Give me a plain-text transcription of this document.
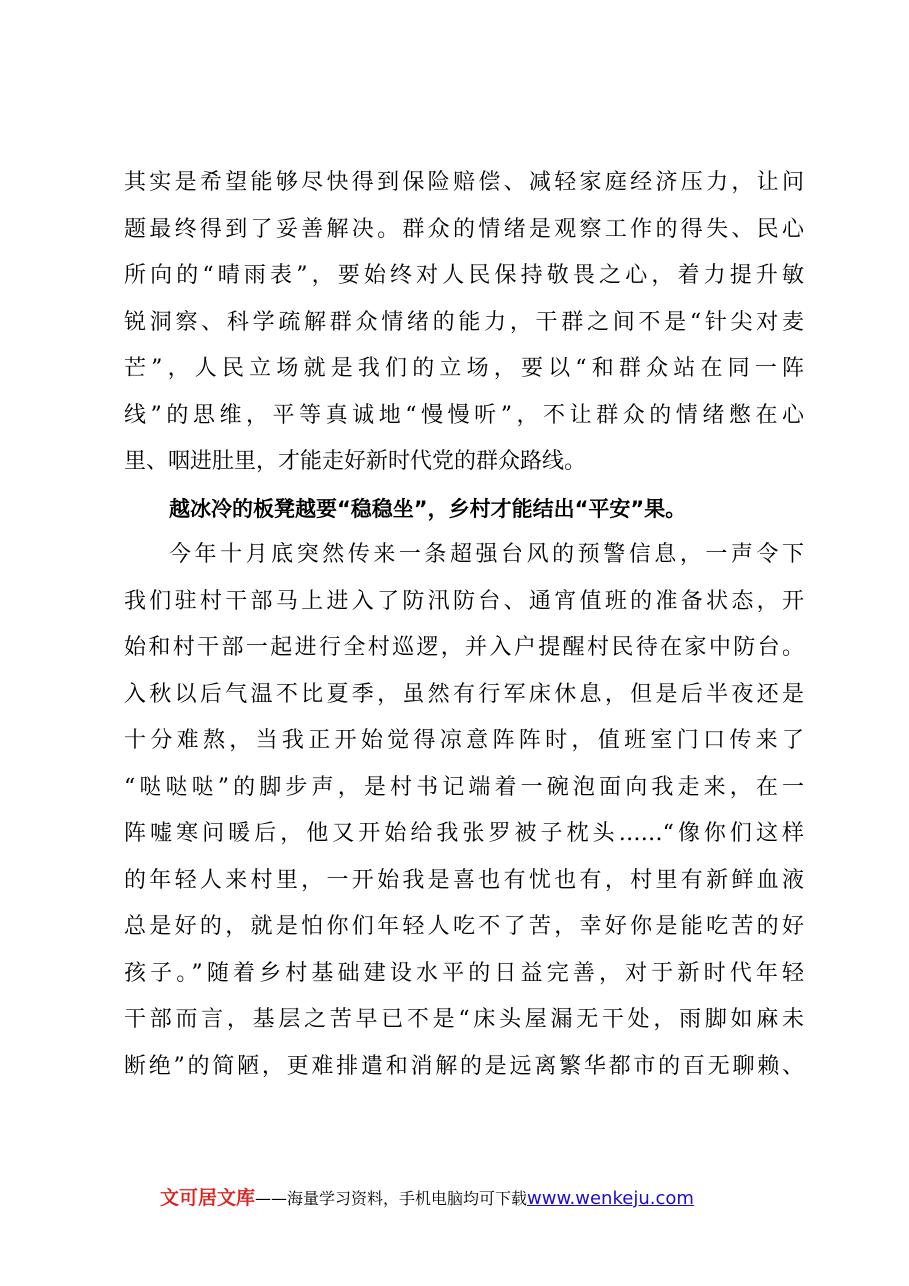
其实是希望能够尽快得到保险赔偿、减轻家庭经济压力，让问
题最终得到了妥善解决。群众的情绪是观察工作的得失、民心
所向的“晴雨表”，要始终对人民保持敬畏之心，着力提升敏
锐洞察、科学疏解群众情绪的能力，干群之间不是“针尖对麦
芒”，人民立场就是我们的立场，要以“和群众站在同一阵
线”的思维，平等真诚地“慢慢听”，不让群众的情绪憋在心
里、咽进肚里，才能走好新时代党的群众路线。
越冰冷的板凳越要“稳稳坐”，乡村才能结出“平安”果。
今年十月底突然传来一条超强台风的预警信息，一声令下
我们驻村干部马上进入了防汛防台、通宵值班的准备状态，开
始和村干部一起进行全村巡逻，并入户提醒村民待在家中防台。
入秋以后气温不比夏季，虽然有行军床休息，但是后半夜还是
十分难熬，当我正开始觉得凉意阵阵时，值班室门口传来了
“哒哒哒”的脚步声，是村书记端着一碗泡面向我走来，在一
阵嘘寒问暖后，他又开始给我张罗被子枕头……“像你们这样
的年轻人来村里，一开始我是喜也有忧也有，村里有新鲜血液
总是好的，就是怕你们年轻人吃不了苦，幸好你是能吃苦的好
孩子。”随着乡村基础建设水平的日益完善，对于新时代年轻
干部而言，基层之苦早已不是“床头屋漏无干处，雨脚如麻未
断绝”的简陋，更难排遣和消解的是远离繁华都市的百无聊赖、
文可居文库——海量学习资料，手机电脑均可下载www.wenkeju.com
